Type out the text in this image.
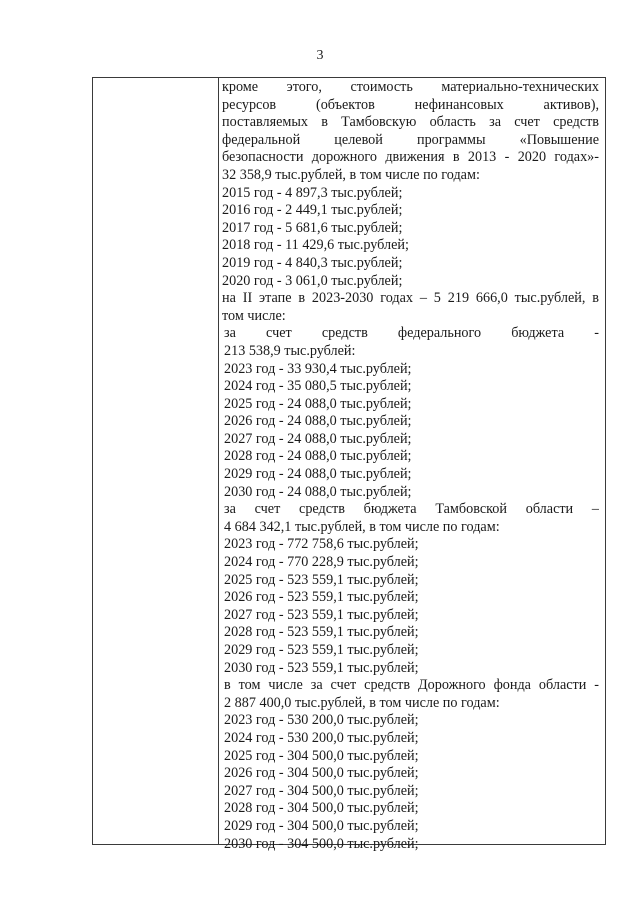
3
кроме этого, стоимость материально-технических
ресурсов (объектов нефинансовых активов),
поставляемых в Тамбовскую область за счет средств
федеральной целевой программы «Повышение
безопасности дорожного движения в 2013 - 2020 годах»-
32 358,9 тыс.рублей, в том числе по годам:
2015 год - 4 897,3 тыс.рублей;
2016 год - 2 449,1 тыс.рублей;
2017 год - 5 681,6 тыс.рублей;
2018 год - 11 429,6 тыс.рублей;
2019 год - 4 840,3 тыс.рублей;
2020 год - 3 061,0 тыс.рублей;
на II этапе в 2023-2030 годах – 5 219 666,0 тыс.рублей, в
том числе:
за счет средств федерального бюджета -
213 538,9 тыс.рублей:
2023 год - 33 930,4 тыс.рублей;
2024 год - 35 080,5 тыс.рублей;
2025 год - 24 088,0 тыс.рублей;
2026 год - 24 088,0 тыс.рублей;
2027 год - 24 088,0 тыс.рублей;
2028 год - 24 088,0 тыс.рублей;
2029 год - 24 088,0 тыс.рублей;
2030 год - 24 088,0 тыс.рублей;
за счет средств бюджета Тамбовской области –
4 684 342,1 тыс.рублей, в том числе по годам:
2023 год - 772 758,6 тыс.рублей;
2024 год - 770 228,9 тыс.рублей;
2025 год - 523 559,1 тыс.рублей;
2026 год - 523 559,1 тыс.рублей;
2027 год - 523 559,1 тыс.рублей;
2028 год - 523 559,1 тыс.рублей;
2029 год - 523 559,1 тыс.рублей;
2030 год - 523 559,1 тыс.рублей;
в том числе за счет средств Дорожного фонда области -
2 887 400,0 тыс.рублей, в том числе по годам:
2023 год - 530 200,0 тыс.рублей;
2024 год - 530 200,0 тыс.рублей;
2025 год - 304 500,0 тыс.рублей;
2026 год - 304 500,0 тыс.рублей;
2027 год - 304 500,0 тыс.рублей;
2028 год - 304 500,0 тыс.рублей;
2029 год - 304 500,0 тыс.рублей;
2030 год - 304 500,0 тыс.рублей;
